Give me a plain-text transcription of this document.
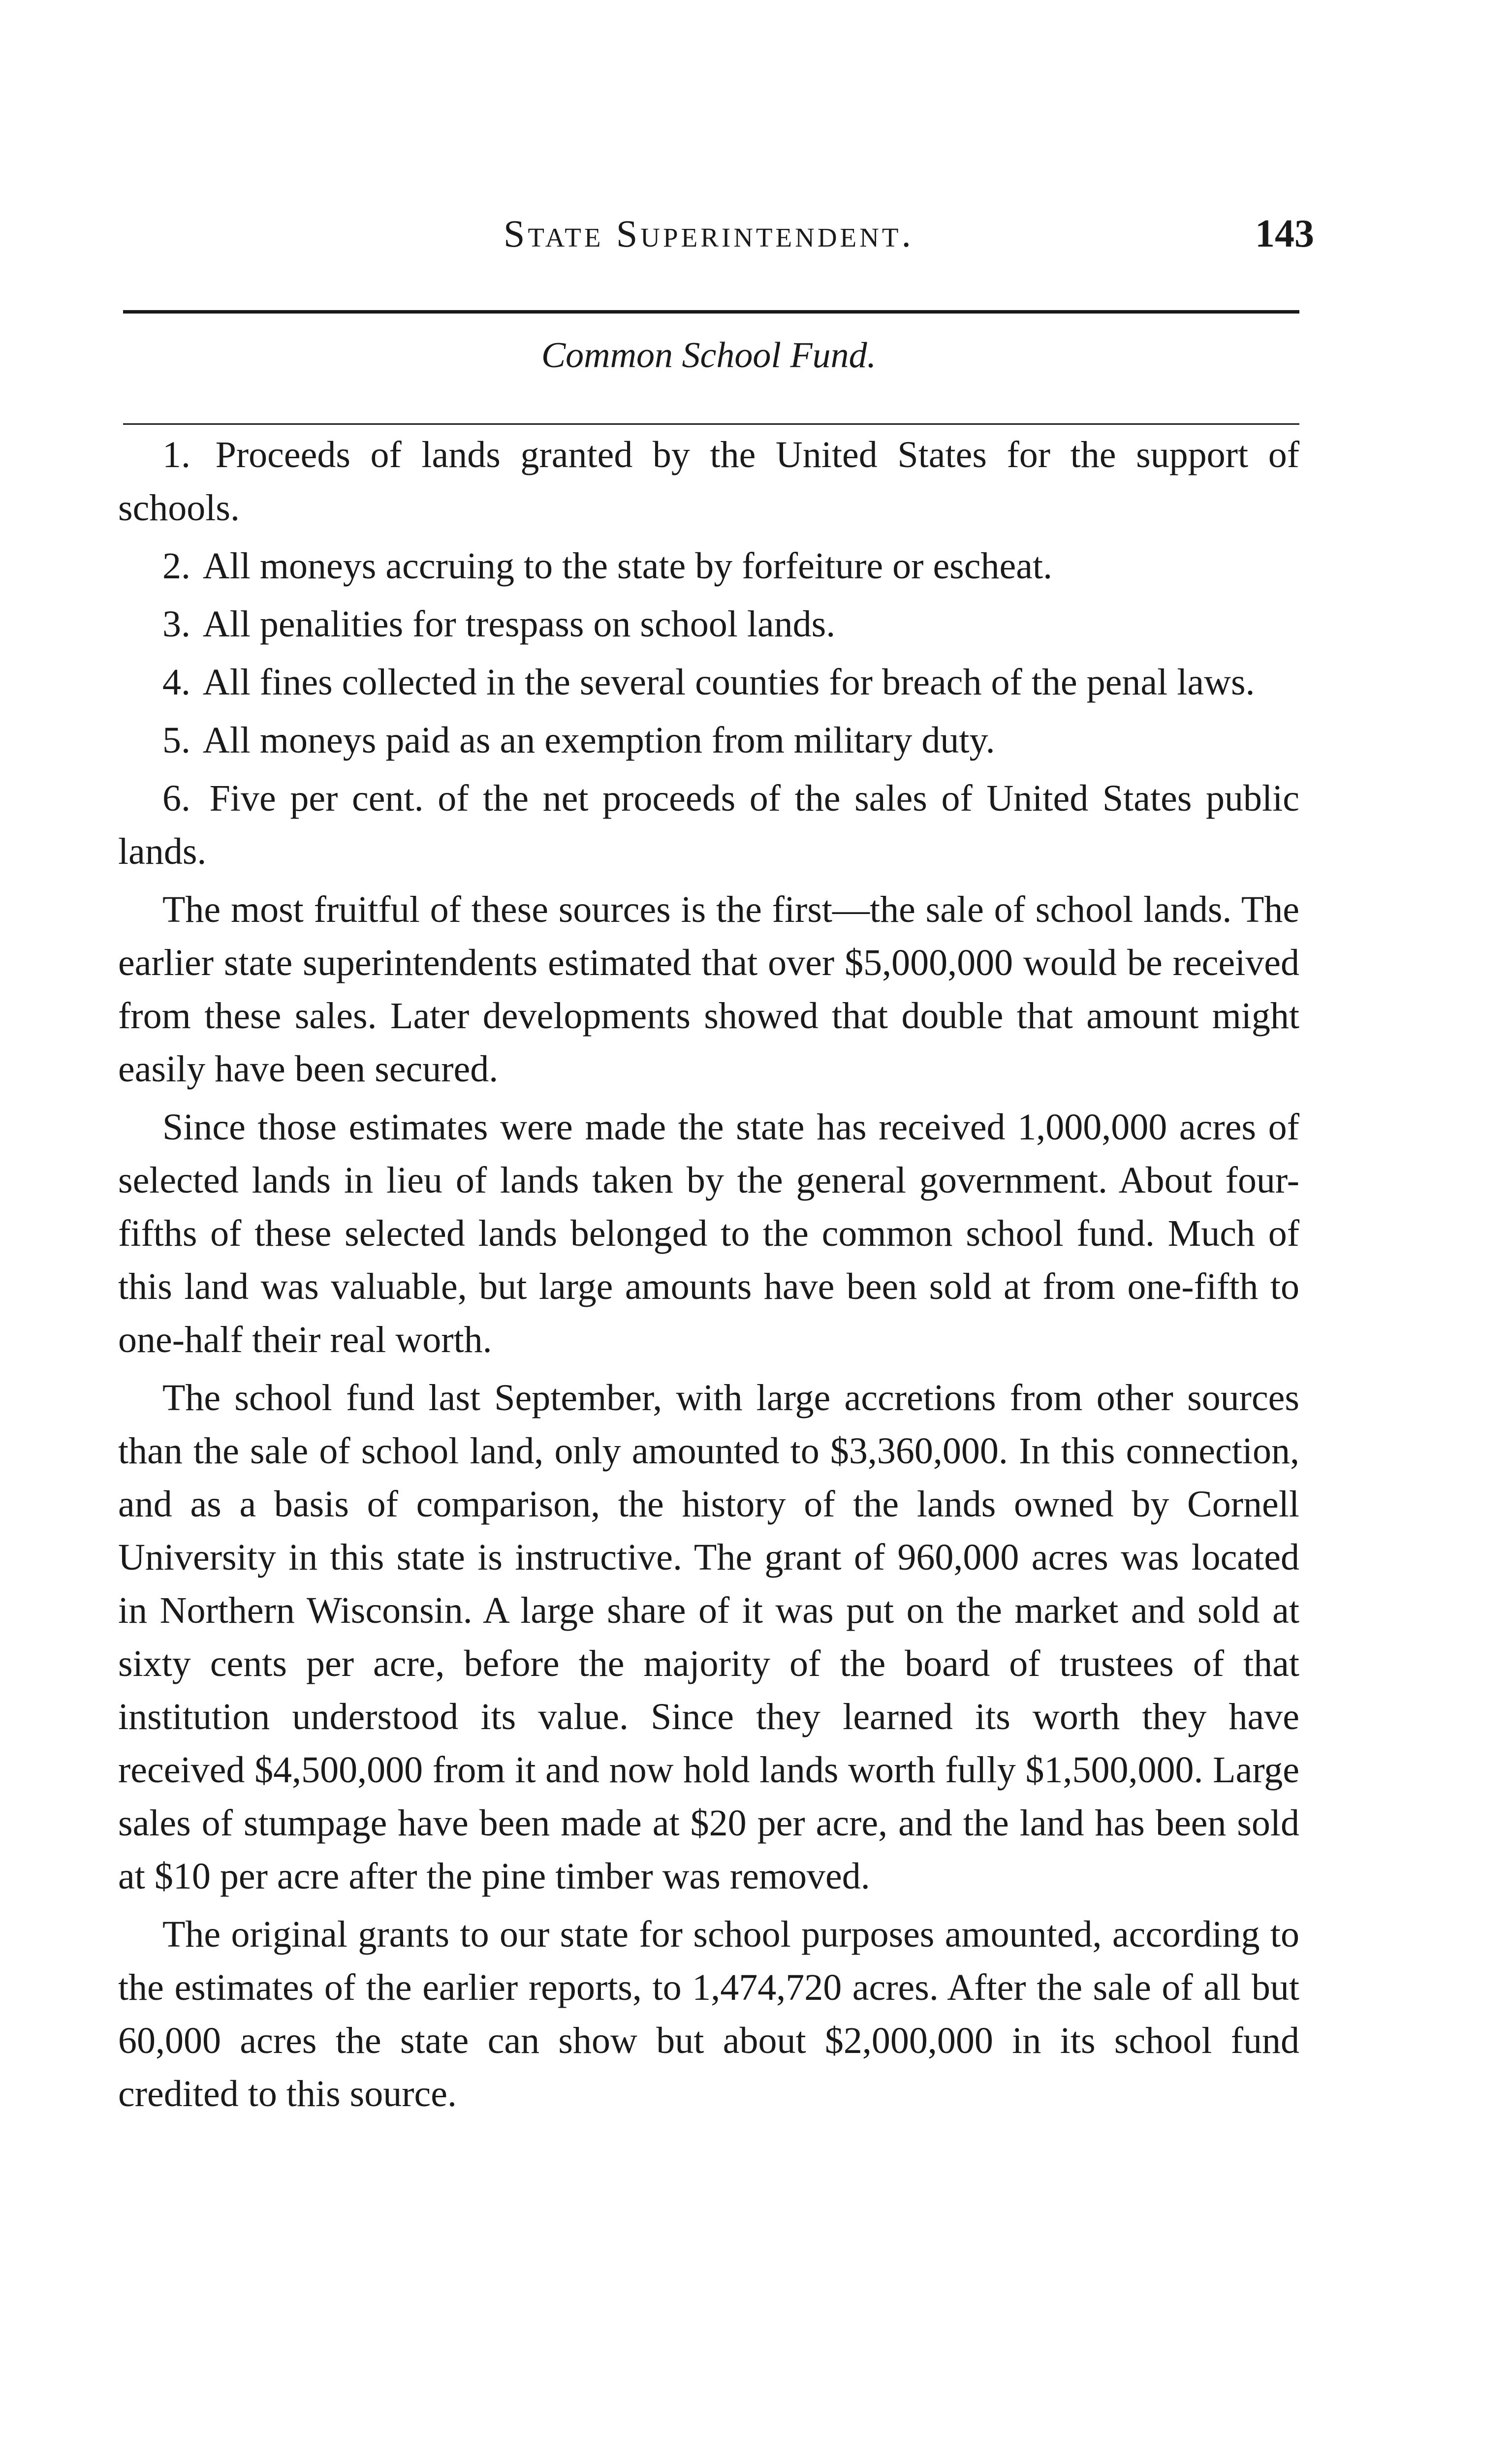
State Superintendent.	143
Common School Fund.

1. Proceeds of lands granted by the United States for the support of schools.

2. All moneys accruing to the state by forfeiture or escheat.

3. All penalities for trespass on school lands.

4. All fines collected in the several counties for breach of the penal laws.

5. All moneys paid as an exemption from military duty.

6. Five per cent. of the net proceeds of the sales of United States public lands.

The most fruitful of these sources is the first—the sale of school lands. The earlier state superintendents estimated that over $5,000,000 would be received from these sales. Later developments showed that double that amount might easily have been secured.

Since those estimates were made the state has received 1,000,000 acres of selected lands in lieu of lands taken by the general government. About four-fifths of these selected lands belonged to the common school fund. Much of this land was valuable, but large amounts have been sold at from one-fifth to one-half their real worth.

The school fund last September, with large accretions from other sources than the sale of school land, only amounted to $3,360,000. In this connection, and as a basis of comparison, the history of the lands owned by Cornell University in this state is instructive. The grant of 960,000 acres was located in Northern Wisconsin. A large share of it was put on the market and sold at sixty cents per acre, before the majority of the board of trustees of that institution understood its value. Since they learned its worth they have received $4,500,000 from it and now hold lands worth fully $1,500,000. Large sales of stumpage have been made at $20 per acre, and the land has been sold at $10 per acre after the pine timber was removed.

The original grants to our state for school purposes amounted, according to the estimates of the earlier reports, to 1,474,720 acres. After the sale of all but 60,000 acres the state can show but about $2,000,000 in its school fund credited to this source.
